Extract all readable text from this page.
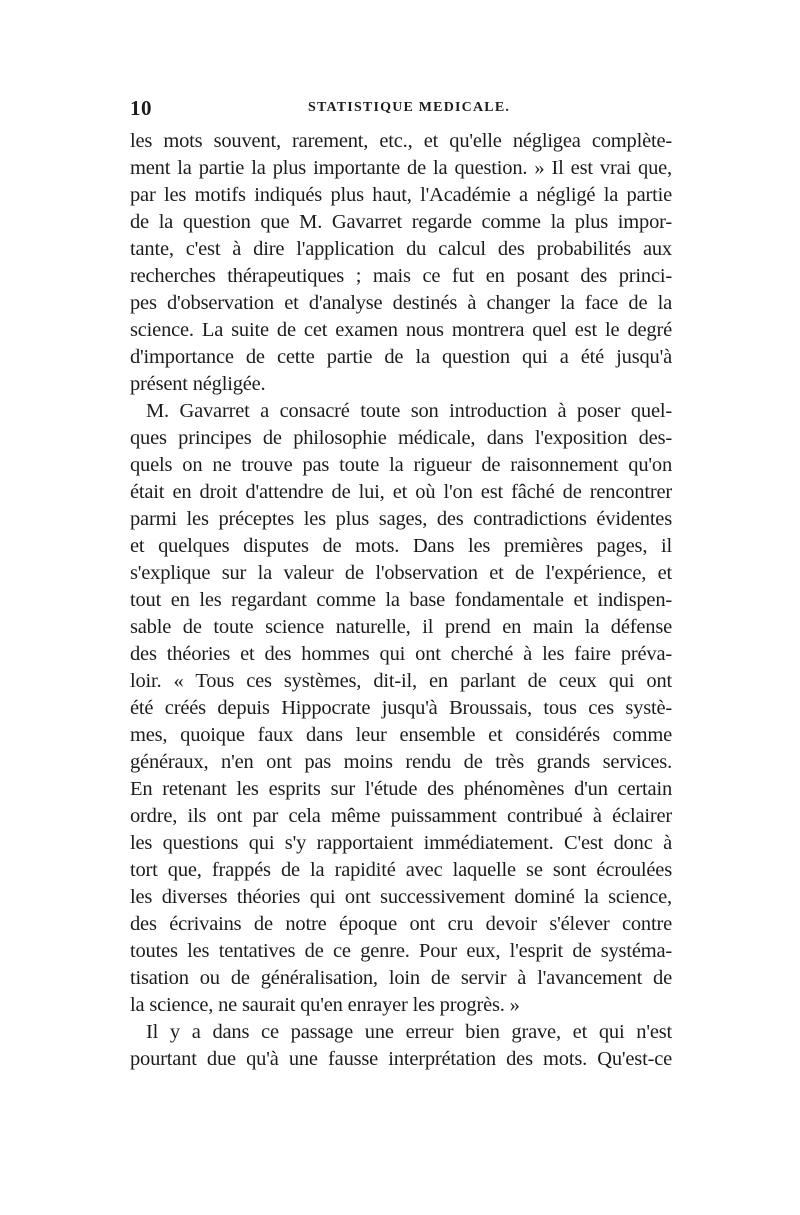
10	STATISTIQUE MEDICALE.
les mots souvent, rarement, etc., et qu'elle négligea complète-
ment la partie la plus importante de la question. » Il est vrai que,
par les motifs indiqués plus haut, l'Académie a négligé la partie
de la question que M. Gavarret regarde comme la plus impor-
tante, c'est à dire l'application du calcul des probabilités aux
recherches thérapeutiques ; mais ce fut en posant des princi-
pes d'observation et d'analyse destinés à changer la face de la
science. La suite de cet examen nous montrera quel est le degré
d'importance de cette partie de la question qui a été jusqu'à
présent négligée.
M. Gavarret a consacré toute son introduction à poser quel-
ques principes de philosophie médicale, dans l'exposition des-
quels on ne trouve pas toute la rigueur de raisonnement qu'on
était en droit d'attendre de lui, et où l'on est fâché de rencontrer
parmi les préceptes les plus sages, des contradictions évidentes
et quelques disputes de mots. Dans les premières pages, il
s'explique sur la valeur de l'observation et de l'expérience, et
tout en les regardant comme la base fondamentale et indispen-
sable de toute science naturelle, il prend en main la défense
des théories et des hommes qui ont cherché à les faire préva-
loir. « Tous ces systèmes, dit-il, en parlant de ceux qui ont
été créés depuis Hippocrate jusqu'à Broussais, tous ces systè-
mes, quoique faux dans leur ensemble et considérés comme
généraux, n'en ont pas moins rendu de très grands services.
En retenant les esprits sur l'étude des phénomènes d'un certain
ordre, ils ont par cela même puissamment contribué à éclairer
les questions qui s'y rapportaient immédiatement. C'est donc à
tort que, frappés de la rapidité avec laquelle se sont écroulées
les diverses théories qui ont successivement dominé la science,
des écrivains de notre époque ont cru devoir s'élever contre
toutes les tentatives de ce genre. Pour eux, l'esprit de systéma-
tisation ou de généralisation, loin de servir à l'avancement de
la science, ne saurait qu'en enrayer les progrès. »
Il y a dans ce passage une erreur bien grave, et qui n'est
pourtant due qu'à une fausse interprétation des mots. Qu'est-ce
